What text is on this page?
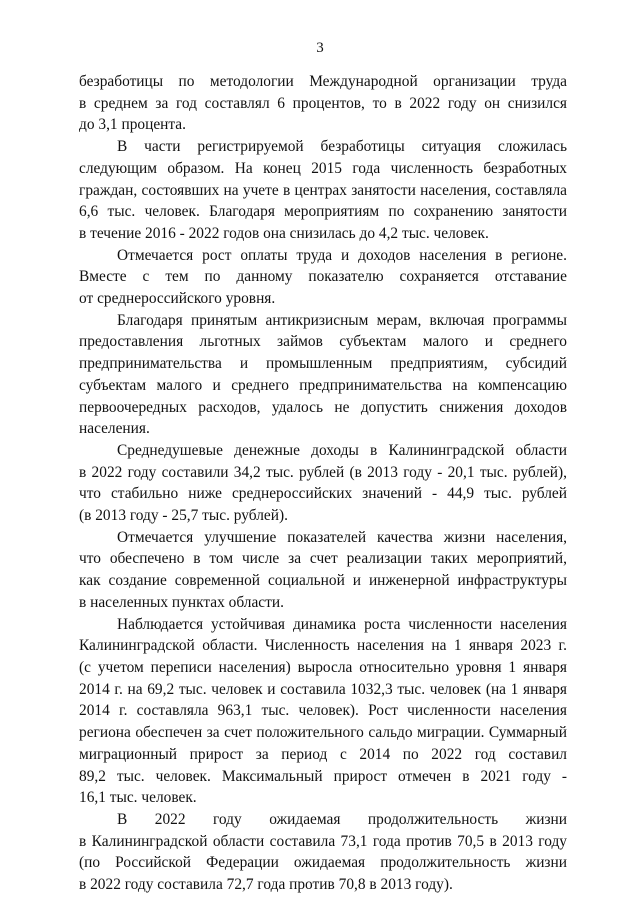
3
безработицы по методологии Международной организации труда
в среднем за год составлял 6 процентов, то в 2022 году он снизился
до 3,1 процента.
В части регистрируемой безработицы ситуация сложилась
следующим образом. На конец 2015 года численность безработных
граждан, состоявших на учете в центрах занятости населения, составляла
6,6 тыс. человек. Благодаря мероприятиям по сохранению занятости
в течение 2016 - 2022 годов она снизилась до 4,2 тыс. человек.
Отмечается рост оплаты труда и доходов населения в регионе.
Вместе с тем по данному показателю сохраняется отставание
от среднероссийского уровня.
Благодаря принятым антикризисным мерам, включая программы
предоставления льготных займов субъектам малого и среднего
предпринимательства и промышленным предприятиям, субсидий
субъектам малого и среднего предпринимательства на компенсацию
первоочередных расходов, удалось не допустить снижения доходов
населения.
Среднедушевые денежные доходы в Калининградской области
в 2022 году составили 34,2 тыс. рублей (в 2013 году - 20,1 тыс. рублей),
что стабильно ниже среднероссийских значений - 44,9 тыс. рублей
(в 2013 году - 25,7 тыс. рублей).
Отмечается улучшение показателей качества жизни населения,
что обеспечено в том числе за счет реализации таких мероприятий,
как создание современной социальной и инженерной инфраструктуры
в населенных пунктах области.
Наблюдается устойчивая динамика роста численности населения
Калининградской области. Численность населения на 1 января 2023 г.
(с учетом переписи населения) выросла относительно уровня 1 января
2014 г. на 69,2 тыс. человек и составила 1032,3 тыс. человек (на 1 января
2014 г. составляла 963,1 тыс. человек). Рост численности населения
региона обеспечен за счет положительного сальдо миграции. Суммарный
миграционный прирост за период с 2014 по 2022 год составил
89,2 тыс. человек. Максимальный прирост отмечен в 2021 году -
16,1 тыс. человек.
В 2022 году ожидаемая продолжительность жизни
в Калининградской области составила 73,1 года против 70,5 в 2013 году
(по Российской Федерации ожидаемая продолжительность жизни
в 2022 году составила 72,7 года против 70,8 в 2013 году).
